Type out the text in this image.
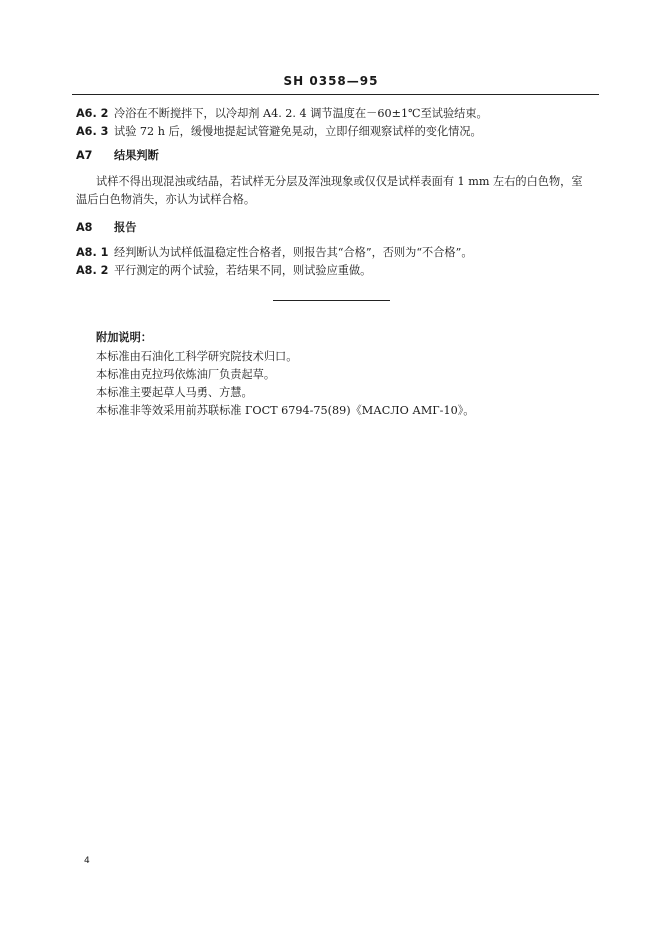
SH 0358—95
A6. 2 冷浴在不断搅拌下，以冷却剂 A4. 2. 4 调节温度在－60±1℃至试验结束。
A6. 3 试验 72 h 后，缓慢地提起试管避免晃动，立即仔细观察试样的变化情况。
A7 结果判断
试样不得出现混浊或结晶，若试样无分层及浑浊现象或仅仅是试样表面有 1 mm 左右的白色物，室
温后白色物消失，亦认为试样合格。
A8 报告
A8. 1 经判断认为试样低温稳定性合格者，则报告其“合格”，否则为“不合格”。
A8. 2 平行测定的两个试验，若结果不同，则试验应重做。
附加说明：
本标准由石油化工科学研究院技术归口。
本标准由克拉玛依炼油厂负责起草。
本标准主要起草人马勇、方慧。
本标准非等效采用前苏联标准 ГОСТ 6794-75(89)《МАСЛО АМГ-10》。
4
